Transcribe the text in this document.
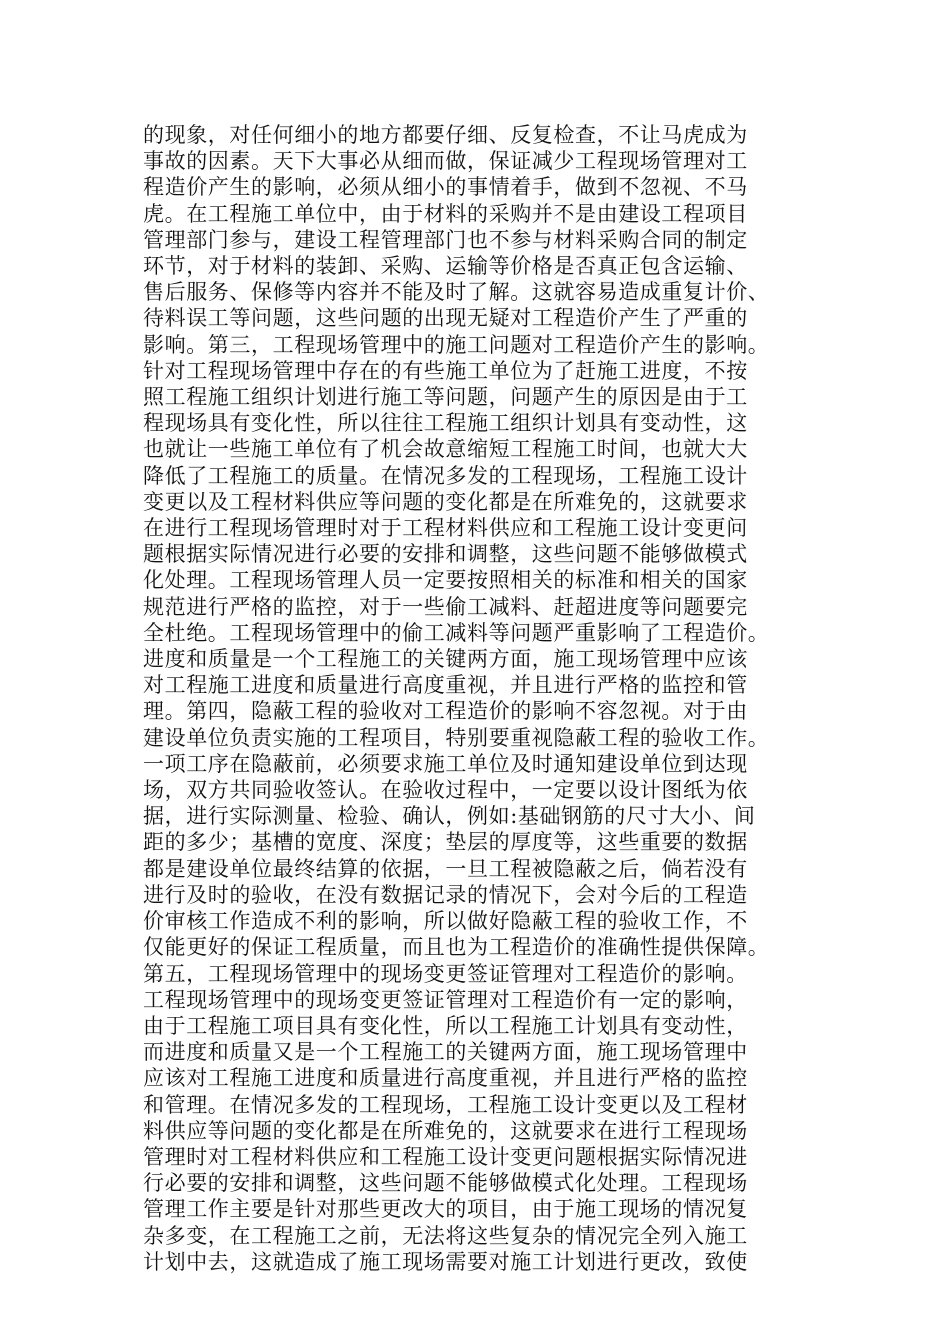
的现象，对任何细小的地方都要仔细、反复检查，不让马虎成为
事故的因素。天下大事必从细而做，保证减少工程现场管理对工
程造价产生的影响，必须从细小的事情着手，做到不忽视、不马
虎。在工程施工单位中，由于材料的采购并不是由建设工程项目
管理部门参与，建设工程管理部门也不参与材料采购合同的制定
环节，对于材料的装卸、采购、运输等价格是否真正包含运输、
售后服务、保修等内容并不能及时了解。这就容易造成重复计价、
待料误工等问题，这些问题的出现无疑对工程造价产生了严重的
影响。第三，工程现场管理中的施工问题对工程造价产生的影响。
针对工程现场管理中存在的有些施工单位为了赶施工进度，不按
照工程施工组织计划进行施工等问题，问题产生的原因是由于工
程现场具有变化性，所以往往工程施工组织计划具有变动性，这
也就让一些施工单位有了机会故意缩短工程施工时间，也就大大
降低了工程施工的质量。在情况多发的工程现场，工程施工设计
变更以及工程材料供应等问题的变化都是在所难免的，这就要求
在进行工程现场管理时对于工程材料供应和工程施工设计变更问
题根据实际情况进行必要的安排和调整，这些问题不能够做模式
化处理。工程现场管理人员一定要按照相关的标准和相关的国家
规范进行严格的监控，对于一些偷工减料、赶超进度等问题要完
全杜绝。工程现场管理中的偷工减料等问题严重影响了工程造价。
进度和质量是一个工程施工的关键两方面，施工现场管理中应该
对工程施工进度和质量进行高度重视，并且进行严格的监控和管
理。第四，隐蔽工程的验收对工程造价的影响不容忽视。对于由
建设单位负责实施的工程项目，特别要重视隐蔽工程的验收工作。
一项工序在隐蔽前，必须要求施工单位及时通知建设单位到达现
场，双方共同验收签认。在验收过程中，一定要以设计图纸为依
据，进行实际测量、检验、确认，例如:基础钢筋的尺寸大小、间
距的多少；基槽的宽度、深度；垫层的厚度等，这些重要的数据
都是建设单位最终结算的依据，一旦工程被隐蔽之后，倘若没有
进行及时的验收，在没有数据记录的情况下，会对今后的工程造
价审核工作造成不利的影响，所以做好隐蔽工程的验收工作，不
仅能更好的保证工程质量，而且也为工程造价的准确性提供保障。
第五，工程现场管理中的现场变更签证管理对工程造价的影响。
工程现场管理中的现场变更签证管理对工程造价有一定的影响，
由于工程施工项目具有变化性，所以工程施工计划具有变动性，
而进度和质量又是一个工程施工的关键两方面，施工现场管理中
应该对工程施工进度和质量进行高度重视，并且进行严格的监控
和管理。在情况多发的工程现场，工程施工设计变更以及工程材
料供应等问题的变化都是在所难免的，这就要求在进行工程现场
管理时对工程材料供应和工程施工设计变更问题根据实际情况进
行必要的安排和调整，这些问题不能够做模式化处理。工程现场
管理工作主要是针对那些更改大的项目，由于施工现场的情况复
杂多变，在工程施工之前，无法将这些复杂的情况完全列入施工
计划中去，这就造成了施工现场需要对施工计划进行更改，致使
